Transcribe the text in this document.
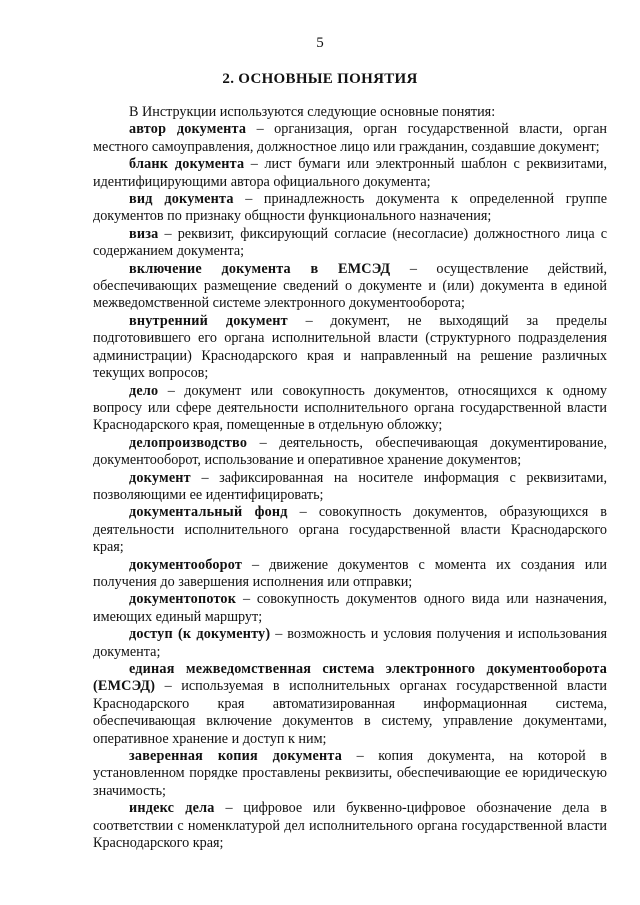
5
2. ОСНОВНЫЕ ПОНЯТИЯ

В Инструкции используются следующие основные понятия:

автор документа – организация, орган государственной власти, орган местного самоуправления, должностное лицо или гражданин, создавшие документ;

бланк документа – лист бумаги или электронный шаблон с реквизитами, идентифицирующими автора официального документа;

вид документа – принадлежность документа к определенной группе документов по признаку общности функционального назначения;

виза – реквизит, фиксирующий согласие (несогласие) должностного лица с содержанием документа;

включение документа в ЕМСЭД – осуществление действий, обеспечивающих размещение сведений о документе и (или) документа в единой межведомственной системе электронного документооборота;

внутренний документ – документ, не выходящий за пределы подготовившего его органа исполнительной власти (структурного подразделения администрации) Краснодарского края и направленный на решение различных текущих вопросов;

дело – документ или совокупность документов, относящихся к одному вопросу или сфере деятельности исполнительного органа государственной власти Краснодарского края, помещенные в отдельную обложку;

делопроизводство – деятельность, обеспечивающая документирование, документооборот, использование и оперативное хранение документов;

документ – зафиксированная на носителе информация с реквизитами, позволяющими ее идентифицировать;

документальный фонд – совокупность документов, образующихся в деятельности исполнительного органа государственной власти Краснодарского края;

документооборот – движение документов с момента их создания или получения до завершения исполнения или отправки;

документопоток – совокупность документов одного вида или назначения, имеющих единый маршрут;

доступ (к документу) – возможность и условия получения и использования документа;

единая межведомственная система электронного документооборота (ЕМСЭД) – используемая в исполнительных органах государственной власти Краснодарского края автоматизированная информационная система, обеспечивающая включение документов в систему, управление документами, оперативное хранение и доступ к ним;

заверенная копия документа – копия документа, на которой в установленном порядке проставлены реквизиты, обеспечивающие ее юридическую значимость;

индекс дела – цифровое или буквенно-цифровое обозначение дела в соответствии с номенклатурой дел исполнительного органа государственной власти Краснодарского края;
